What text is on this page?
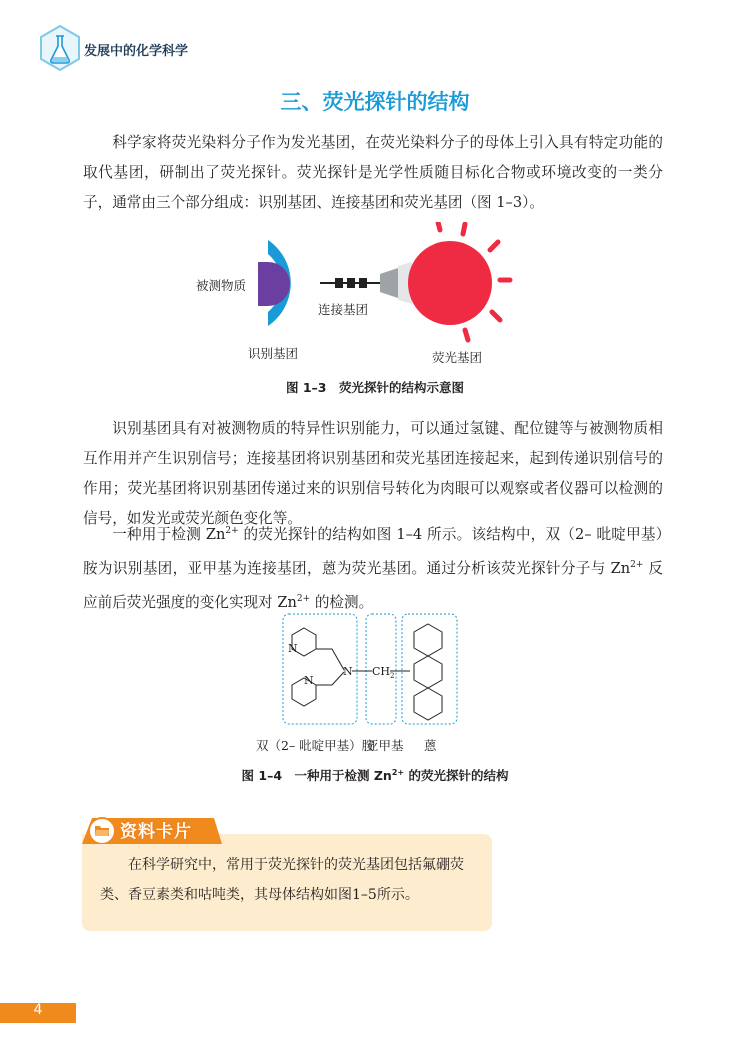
发展中的化学科学
三、荧光探针的结构

科学家将荧光染料分子作为发光基团，在荧光染料分子的母体上引入具有特定功能的取代基团，研制出了荧光探针。荧光探针是光学性质随目标化合物或环境改变的一类分子，通常由三个部分组成：识别基团、连接基团和荧光基团（图 1–3）。

被测物质
连接基团
识别基团	荧光基团
图 1–3　荧光探针的结构示意图

识别基团具有对被测物质的特异性识别能力，可以通过氢键、配位键等与被测物质相互作用并产生识别信号；连接基团将识别基团和荧光基团连接起来，起到传递识别信号的作用；荧光基团将识别基团传递过来的识别信号转化为肉眼可以观察或者仪器可以检测的信号，如发光或荧光颜色变化等。

一种用于检测 $Zn^{2+}$ 的荧光探针的结构如图 1–4 所示。该结构中，双（2– 吡啶甲基）胺为识别基团，亚甲基为连接基团，蒽为荧光基团。通过分析该荧光探针分子与 $Zn^{2+}$ 反应前后荧光强度的变化实现对 $Zn^{2+}$ 的检测。

N
N
N $CH_2$
双（2– 吡啶甲基）胺
亚甲基 蒽
图 1–4　一种用于检测 $Zn^{2+}$ 的荧光探针的结构
资料卡片

在科学研究中，常用于荧光探针的荧光基团包括氟硼荧类、香豆素类和咕吨类，其母体结构如图1–5所示。

4
